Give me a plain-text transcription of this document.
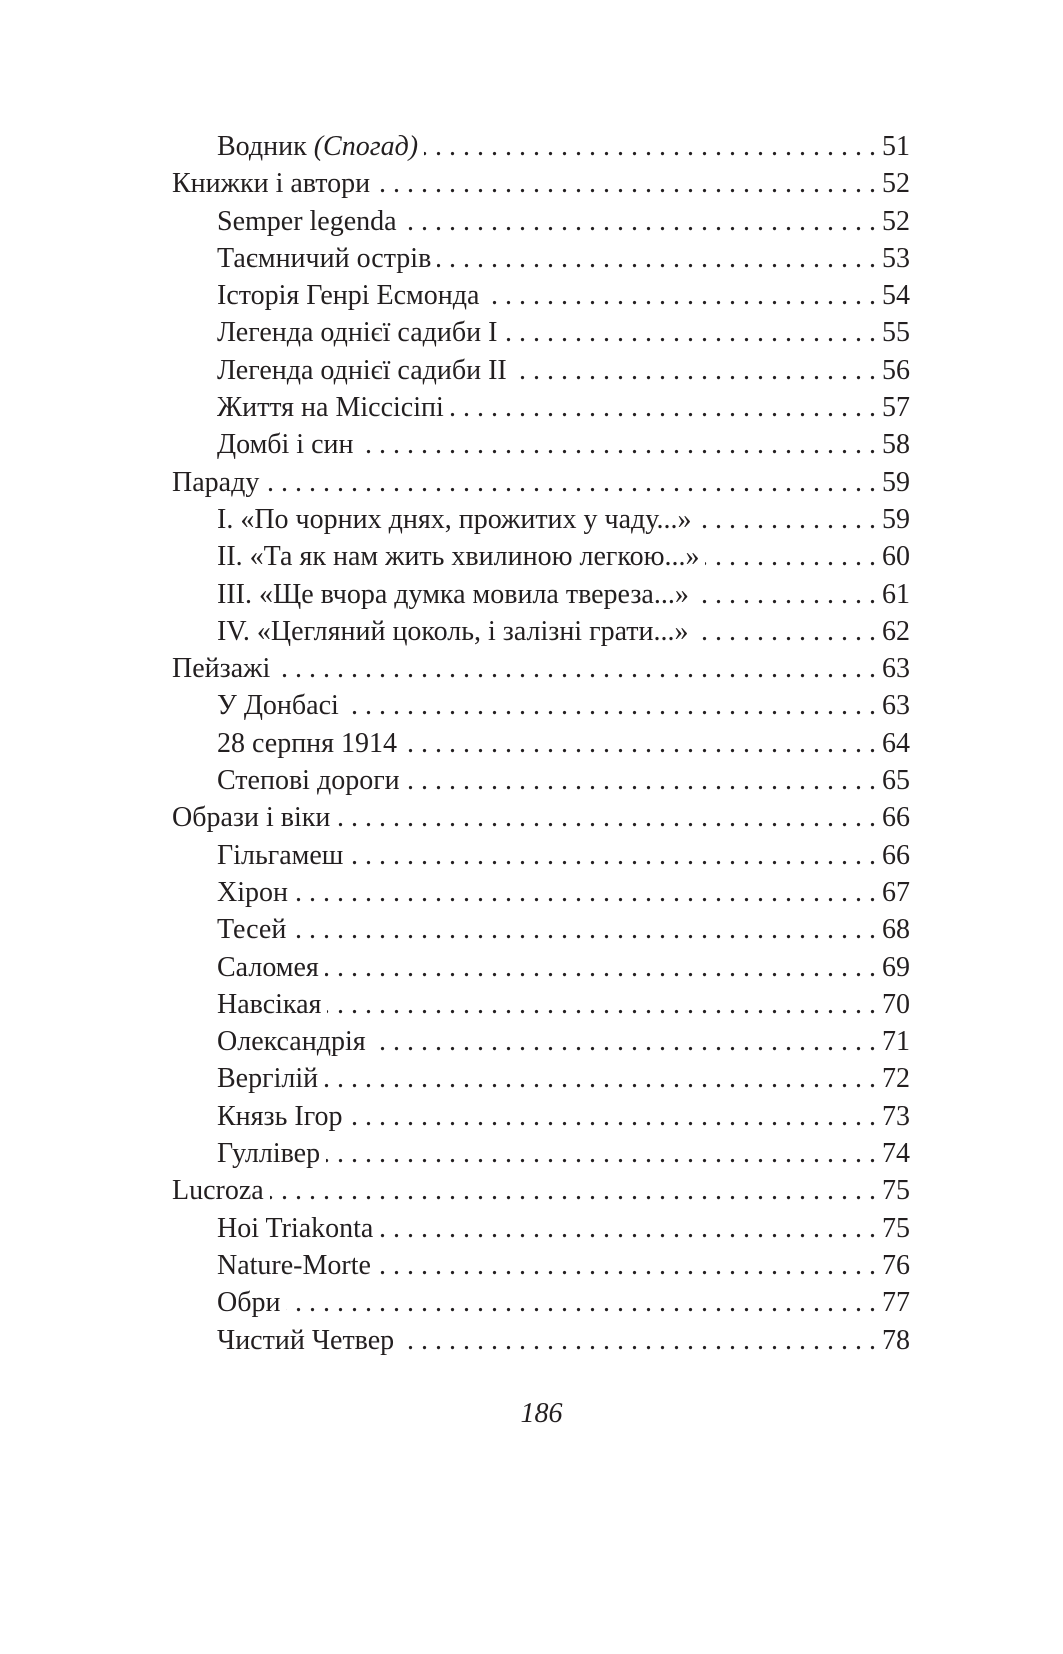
Водник (Спогад) . . .	51
Книжки і автори . . .	52
Semper legenda . . .	52
Таємничий острів . . .	53
Історія Генрі Есмонда . . .	54
Легенда однієї садиби I . . .	55
Легенда однієї садиби II . . .	56
Життя на Міссісіпі . . .	57
Домбі і син . . .	58
Параду . . .	59
I. «По чорних днях, прожитих у чаду...» . . .	59
II. «Та як нам жить хвилиною легкою...» . . .	60
III. «Ще вчора думка мовила твереза...» . . .	61
IV. «Цегляний цоколь, і залізні грати...» . . .	62
Пейзажі . . .	63
У Донбасі . . .	63
28 серпня 1914 . . .	64
Степові дороги . . .	65
Образи і віки . . .	66
Гільгамеш . . .	66
Хірон . . .	67
Тесей . . .	68
Саломея . . .	69
Навсікая . . .	70
Олександрія . . .	71
Вергілій . . .	72
Князь Ігор . . .	73
Гуллівер . . .	74
Lucroza . . .	75
Hoi Triakonta . . .	75
Nature-Morte . . .	76
Обри . . .	77
Чистий Четвер . . .	78
186
